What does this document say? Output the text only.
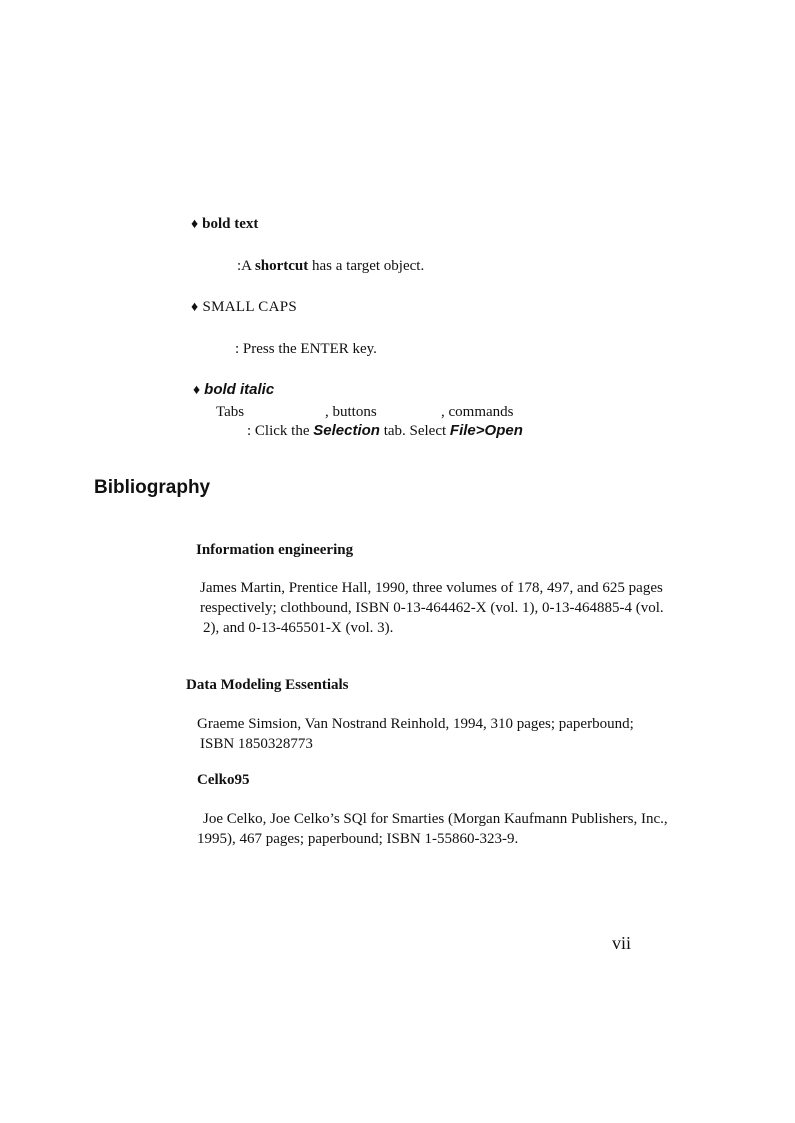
♦ bold text
:A shortcut has a target object.
♦ SMALL CAPS
: Press the ENTER key.
♦ bold italic
Tabs	, buttons	, commands
: Click the Selection tab. Select File>Open
Bibliography
Information engineering
James Martin, Prentice Hall, 1990, three volumes of 178, 497, and 625 pages
respectively; clothbound, ISBN 0-13-464462-X (vol. 1), 0-13-464885-4 (vol.
2), and 0-13-465501-X (vol. 3).
Data Modeling Essentials
Graeme Simsion, Van Nostrand Reinhold, 1994, 310 pages; paperbound;
ISBN 1850328773
Celko95
Joe Celko, Joe Celko’s SQl for Smarties (Morgan Kaufmann Publishers, Inc.,
1995), 467 pages; paperbound; ISBN 1-55860-323-9.
vii
